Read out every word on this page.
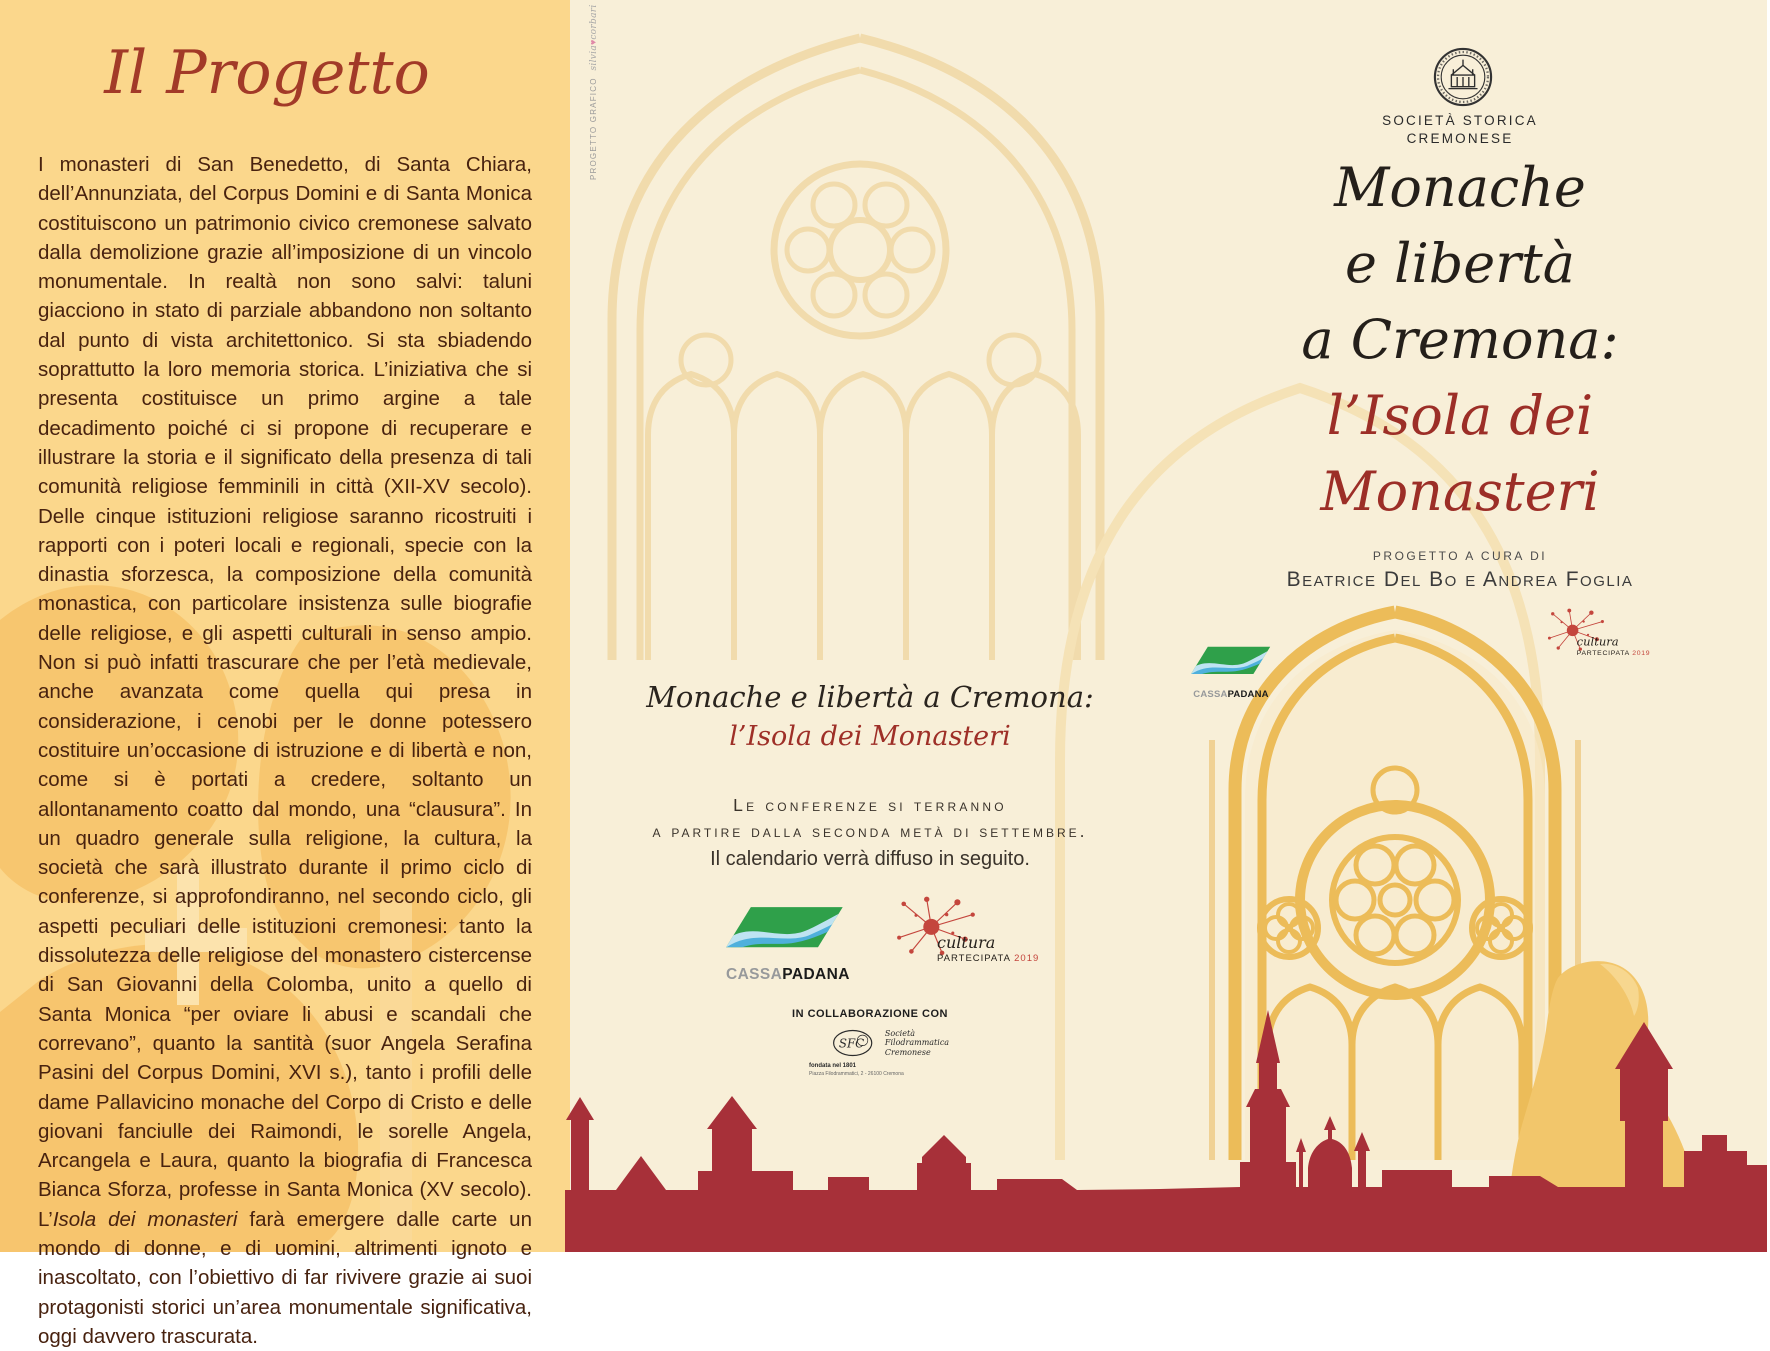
Il Progetto

I monasteri di San Benedetto, di Santa Chiara, dell’Annunziata, del Corpus Domini e di Santa Monica costituiscono un patrimonio civico cremonese salvato dalla demolizione grazie all’imposizione di un vincolo monumentale. In realtà non sono salvi: taluni giacciono in stato di parziale abbandono non soltanto dal punto di vista architettonico. Si sta sbiadendo soprattutto la loro memoria storica. L’iniziativa che si presenta costituisce un primo argine a tale decadimento poiché ci si propone di recuperare e illustrare la storia e il significato della presenza di tali comunità religiose femminili in città (XII-XV secolo). Delle cinque istituzioni religiose saranno ricostruiti i rapporti con i poteri locali e regionali, specie con la dinastia sforzesca, la composizione della comunità monastica, con particolare insistenza sulle biografie delle religiose, e gli aspetti culturali in senso ampio. Non si può infatti trascurare che per l’età medievale, anche avanzata come quella qui presa in considerazione, i cenobi per le donne potessero costituire un’occasione di istruzione e di libertà e non, come si è portati a credere, soltanto un allontanamento coatto dal mondo, una “clausura”. In un quadro generale sulla religione, la cultura, la società che sarà illustrato durante il primo ciclo di conferenze, si approfondiranno, nel secondo ciclo, gli aspetti peculiari delle istituzioni cremonesi: tanto la dissolutezza delle religiose del monastero cistercense di San Giovanni della Colomba, unito a quello di Santa Monica “per oviare li abusi e scandali che correvano”, quanto la santità (suor Angela Serafina Pasini del Corpus Domini, XVI s.), tanto i profili delle dame Pallavicino monache del Corpo di Cristo e delle giovani fanciulle dei Raimondi, le sorelle Angela, Arcangela e Laura, quanto la biografia di Francesca Bianca Sforza, professe in Santa Monica (XV secolo). L’Isola dei monasteri farà emergere dalle carte un mondo di donne, e di uomini, altrimenti ignoto e inascoltato, con l’obiettivo di far rivivere grazie ai suoi protagonisti storici un’area monumentale significativa, oggi davvero trascurata.

PROGETTO GRAFICO  silvia♥corbari
Monache e libertà a Cremona:
l’Isola dei Monasteri
Le conferenze si terranno
a partire dalla seconda metà di settembre.
Il calendario verrà diffuso in seguito.
CASSAPADANA
cultura
PARTECIPATA 2019
IN COLLABORAZIONE CON
SFC
Società
Filodrammatica
Cremonese
fondata nel 1801
Piazza Filodrammatici, 2 - 26100 Cremona
SOCIETÀ STORICA
CREMONESE
Monache
e libertà
a Cremona:
l’Isola dei
Monasteri
PROGETTO A CURA DI
Beatrice Del Bo e Andrea Foglia
CASSAPADANA
cultura
PARTECIPATA 2019
